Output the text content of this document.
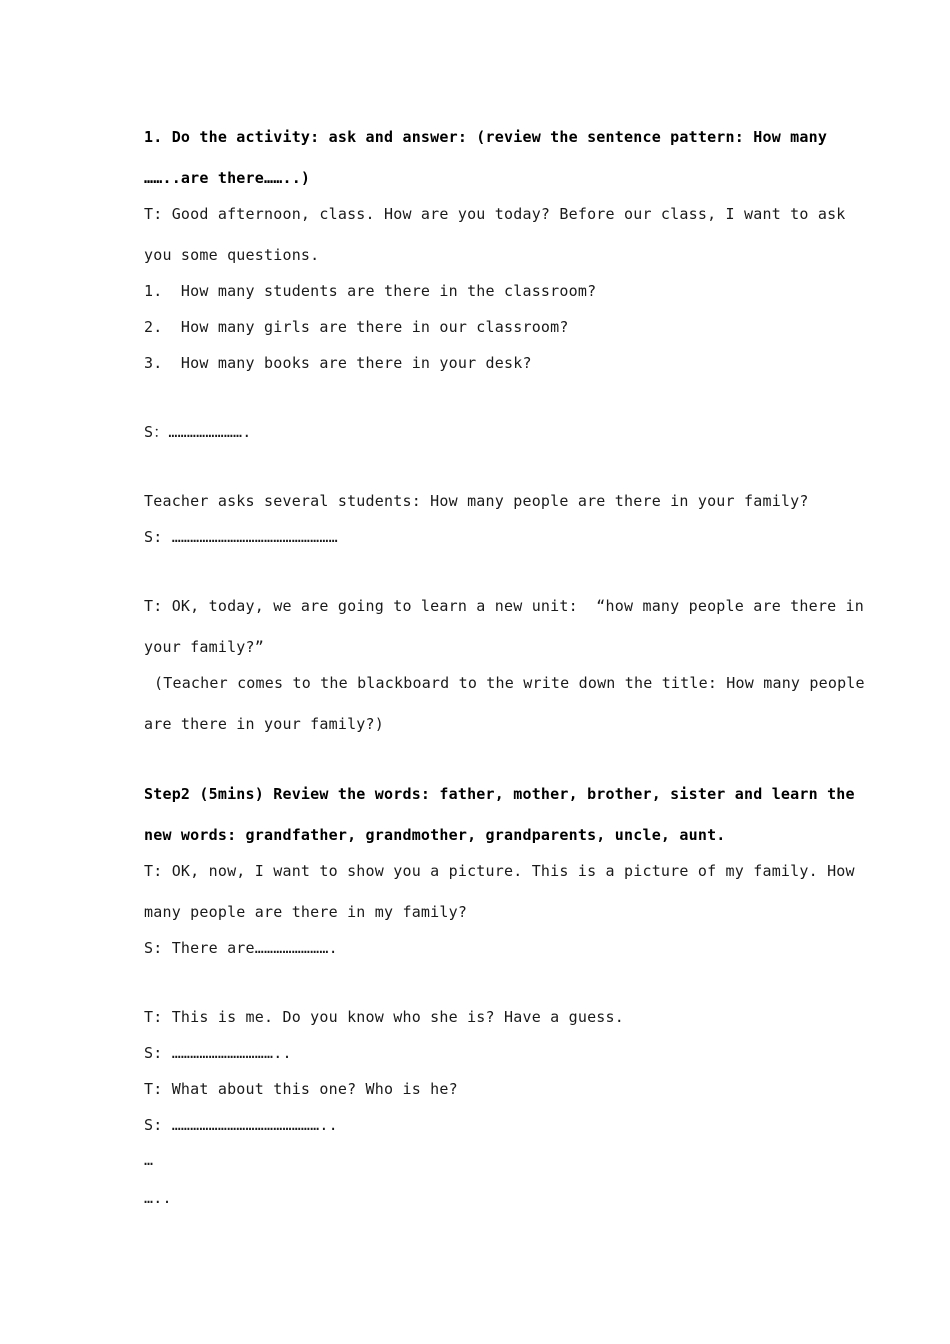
1. Do the activity: ask and answer: (review the sentence pattern: How many
……..are there……..)
T: Good afternoon, class. How are you today? Before our class, I want to ask
you some questions.
1.  How many students are there in the classroom?
2.  How many girls are there in our classroom?
3.  How many books are there in your desk?
S：…………………….
Teacher asks several students: How many people are there in your family?
S: ………………………………………………
T: OK, today, we are going to learn a new unit:  “how many people are there in
your family?”
(Teacher comes to the blackboard to the write down the title: How many people
are there in your family?)
Step2 (5mins) Review the words: father, mother, brother, sister and learn the
new words: grandfather, grandmother, grandparents, uncle, aunt.
T: OK, now, I want to show you a picture. This is a picture of my family. How
many people are there in my family?
S: There are…………………….
T: This is me. Do you know who she is? Have a guess.
S: ……………………………..
T: What about this one? Who is he?
S: …………………………………………..
…
…..
